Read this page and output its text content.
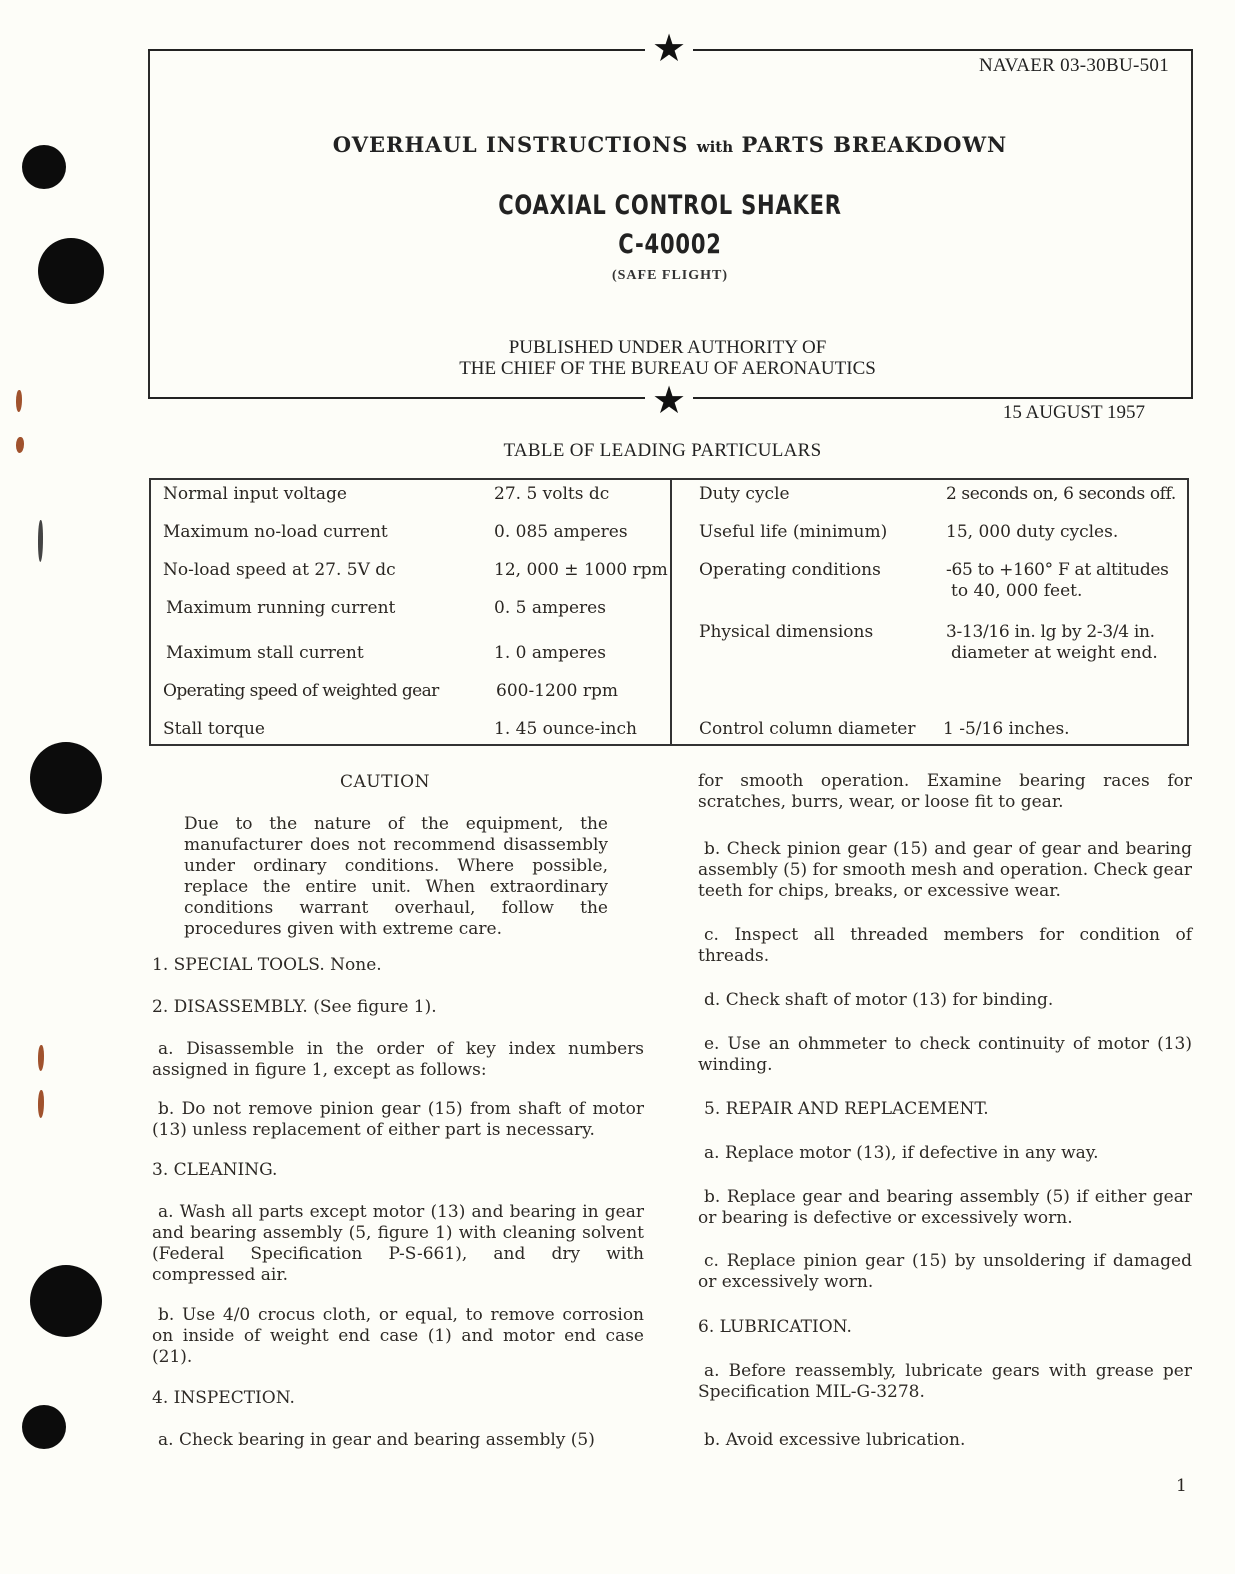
★
★
NAVAER 03-30BU-501
OVERHAUL INSTRUCTIONS with PARTS BREAKDOWN
COAXIAL CONTROL SHAKER
C-40002
(SAFE FLIGHT)
PUBLISHED UNDER AUTHORITY OF
THE CHIEF OF THE BUREAU OF AERONAUTICS
15 AUGUST 1957
TABLE OF LEADING PARTICULARS
Normal input voltage	27. 5 volts dc
Maximum no-load current	0. 085 amperes
No-load speed at 27. 5V dc	12, 000 ± 1000 rpm
Maximum running current	0. 5 amperes
Maximum stall current	1. 0 amperes
Operating speed of weighted gear	600-1200 rpm
Stall torque	1. 45 ounce-inch
Duty cycle	2 seconds on, 6 seconds off.
Useful life (minimum)	15, 000 duty cycles.
Operating conditions	-65 to +160° F at altitudes
to 40, 000 feet.
Physical dimensions	3-13/16 in. lg by 2-3/4 in.
diameter at weight end.
Control column diameter 1 -5/16 inches.
CAUTION
Due to the nature of the equipment, the manufacturer does not recommend disassembly under ordinary conditions. Where possible, replace the entire unit. When extraordinary conditions warrant overhaul, follow the procedures given with extreme care.
1. SPECIAL TOOLS. None.
2. DISASSEMBLY. (See figure 1).
a. Disassemble in the order of key index numbers assigned in figure 1, except as follows:
b. Do not remove pinion gear (15) from shaft of motor (13) unless replacement of either part is necessary.
3. CLEANING.
a. Wash all parts except motor (13) and bearing in gear and bearing assembly (5, figure 1) with cleaning solvent (Federal Specification P-S-661), and dry with compressed air.
b. Use 4/0 crocus cloth, or equal, to remove corrosion on inside of weight end case (1) and motor end case (21).
4. INSPECTION.
a. Check bearing in gear and bearing assembly (5)
for smooth operation. Examine bearing races for scratches, burrs, wear, or loose fit to gear.
b. Check pinion gear (15) and gear of gear and bearing assembly (5) for smooth mesh and operation. Check gear teeth for chips, breaks, or excessive wear.
c. Inspect all threaded members for condition of threads.
d. Check shaft of motor (13) for binding.
e. Use an ohmmeter to check continuity of motor (13) winding.
5. REPAIR AND REPLACEMENT.
a. Replace motor (13), if defective in any way.
b. Replace gear and bearing assembly (5) if either gear or bearing is defective or excessively worn.
c. Replace pinion gear (15) by unsoldering if damaged or excessively worn.
6. LUBRICATION.
a. Before reassembly, lubricate gears with grease per Specification MIL-G-3278.
b. Avoid excessive lubrication.
1
